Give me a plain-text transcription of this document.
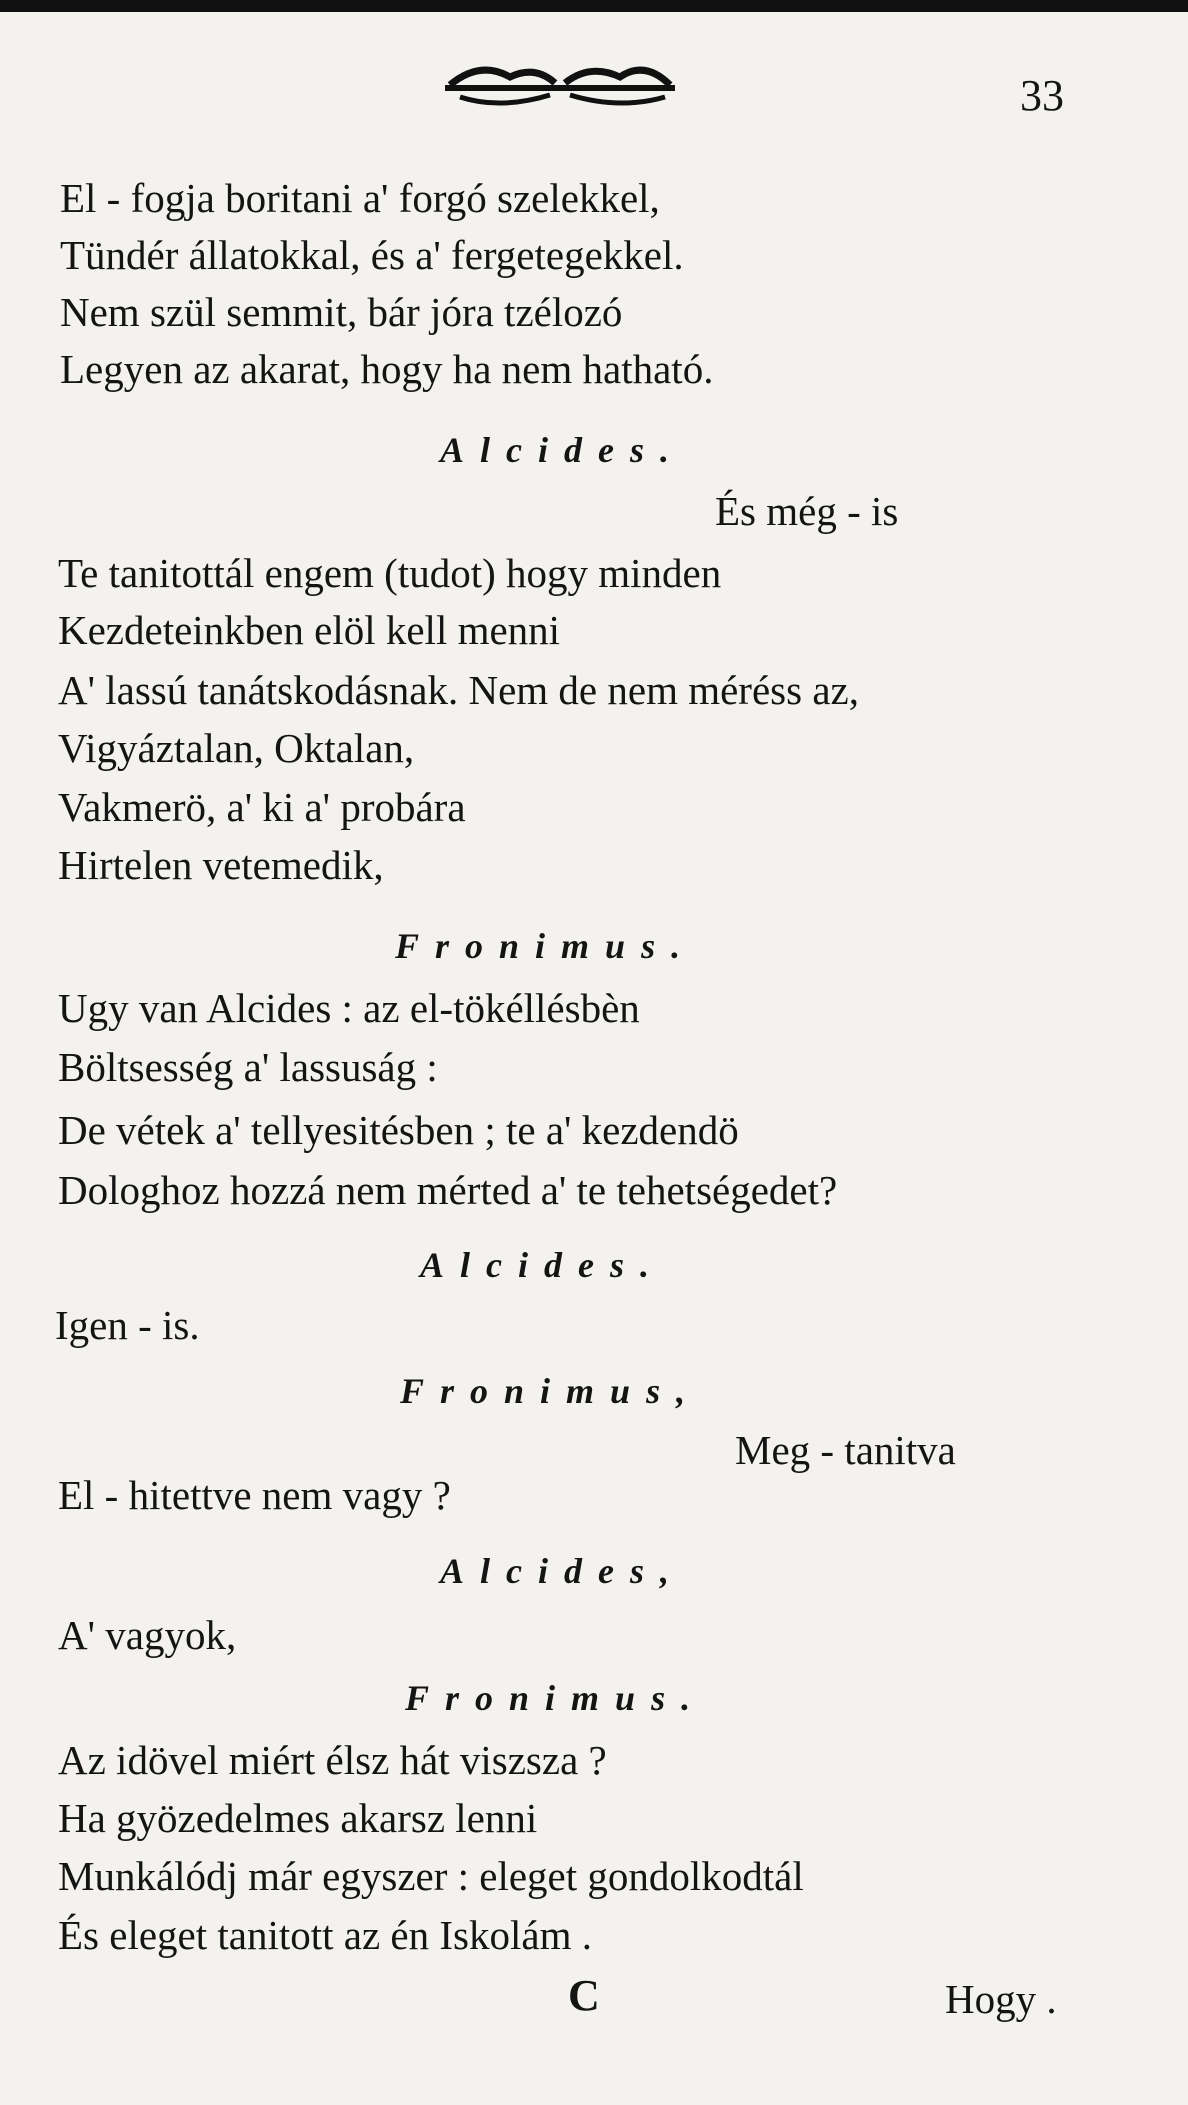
33
El - fogja boritani a' forgó szelekkel,
Tündér állatokkal, és a' fergetegekkel.
Nem szül semmit, bár jóra tzélozó
Legyen az akarat, hogy ha nem hatható.
Alcides.
És még - is
Te tanitottál engem (tudot) hogy minden
Kezdeteinkben elöl kell menni
A' lassú tanátskodásnak. Nem de nem méréss az,
Vigyáztalan, Oktalan,
Vakmerö, a' ki a' probára
Hirtelen vetemedik,
Fronimus.
Ugy van Alcides : az el-tökéllésbèn
Böltsesség a' lassuság :
De vétek a' tellyesitésben ; te a' kezdendö
Dologhoz hozzá nem mérted a' te tehetségedet?
Alcides.
Igen - is.
Fronimus,
Meg - tanitva
El - hitettve nem vagy ?
Alcides,
A' vagyok,
Fronimus.
Az idövel miért élsz hát viszsza ?
Ha gyözedelmes akarsz lenni
Munkálódj már egyszer : eleget gondolkodtál
És eleget tanitott az én Iskolám .
C	Hogy .
